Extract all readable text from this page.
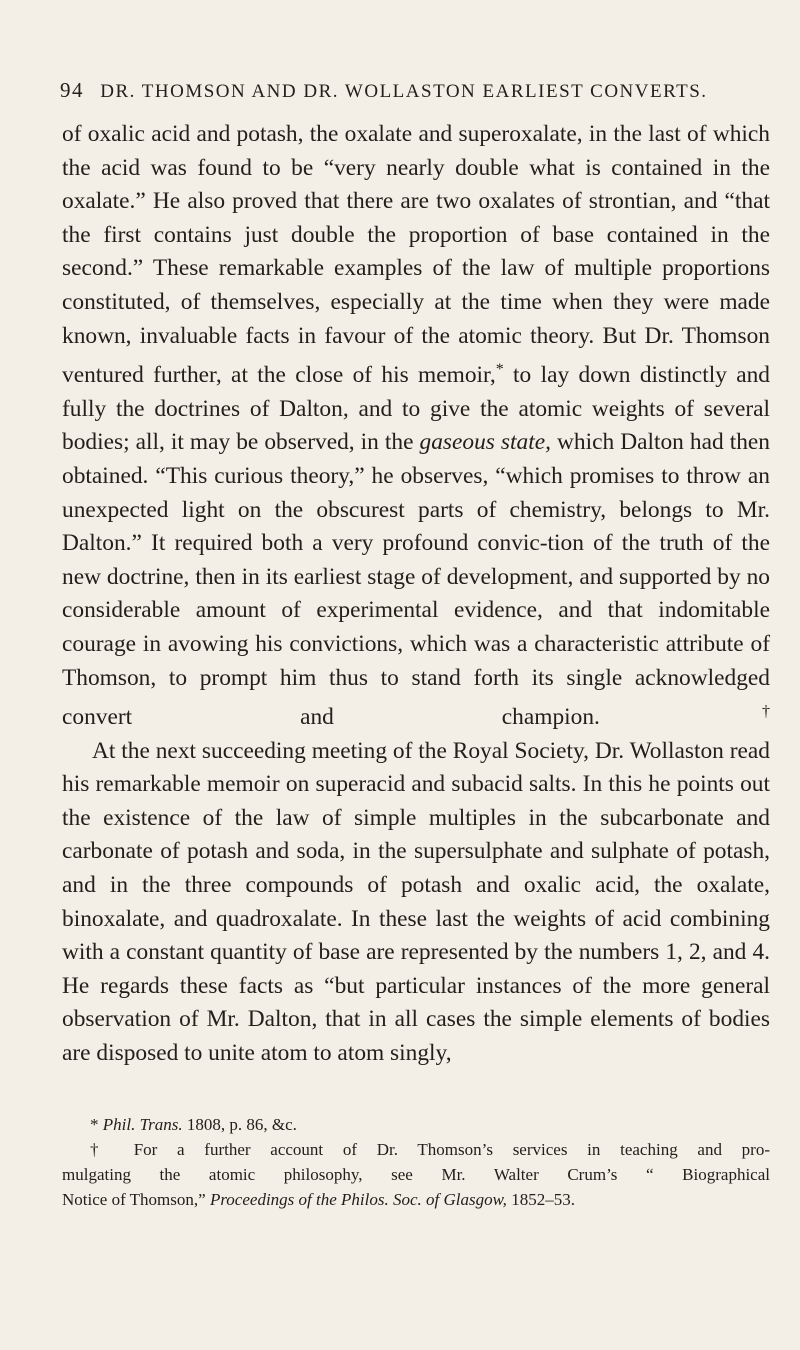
94 DR. THOMSON AND DR. WOLLASTON EARLIEST CONVERTS.

of oxalic acid and potash, the oxalate and superoxalate, in the last of which the acid was found to be “very nearly double what is contained in the oxalate.” He also proved that there are two oxalates of strontian, and “that the first contains just double the proportion of base contained in the second.” These remarkable examples of the law of multiple proportions constituted, of themselves, especially at the time when they were made known, invaluable facts in favour of the atomic theory. But Dr. Thomson ventured further, at the close of his memoir,* to lay down distinctly and fully the doctrines of Dalton, and to give the atomic weights of several bodies; all, it may be observed, in the gaseous state, which Dalton had then obtained. “This curious theory,” he observes, “which promises to throw an unexpected light on the obscurest parts of chemistry, belongs to Mr. Dalton.” It required both a very profound convic-tion of the truth of the new doctrine, then in its earliest stage of development, and supported by no considerable amount of experimental evidence, and that indomitable courage in avowing his convictions, which was a characteristic attribute of Thomson, to prompt him thus to stand forth its single acknowledged convert and champion.†

At the next succeeding meeting of the Royal Society, Dr. Wollaston read his remarkable memoir on superacid and subacid salts. In this he points out the existence of the law of simple multiples in the subcarbonate and carbonate of potash and soda, in the supersulphate and sulphate of potash, and in the three compounds of potash and oxalic acid, the oxalate, binoxalate, and quadroxalate. In these last the weights of acid combining with a constant quantity of base are represented by the numbers 1, 2, and 4. He regards these facts as “but particular instances of the more general observation of Mr. Dalton, that in all cases the simple elements of bodies are disposed to unite atom to atom singly,

* Phil. Trans. 1808, p. 86, &c.

† For a further account of Dr. Thomson’s services in teaching and pro-
mulgating the atomic philosophy, see Mr. Walter Crum’s “ Biographical
Notice of Thomson,” Proceedings of the Philos. Soc. of Glasgow, 1852–53.
